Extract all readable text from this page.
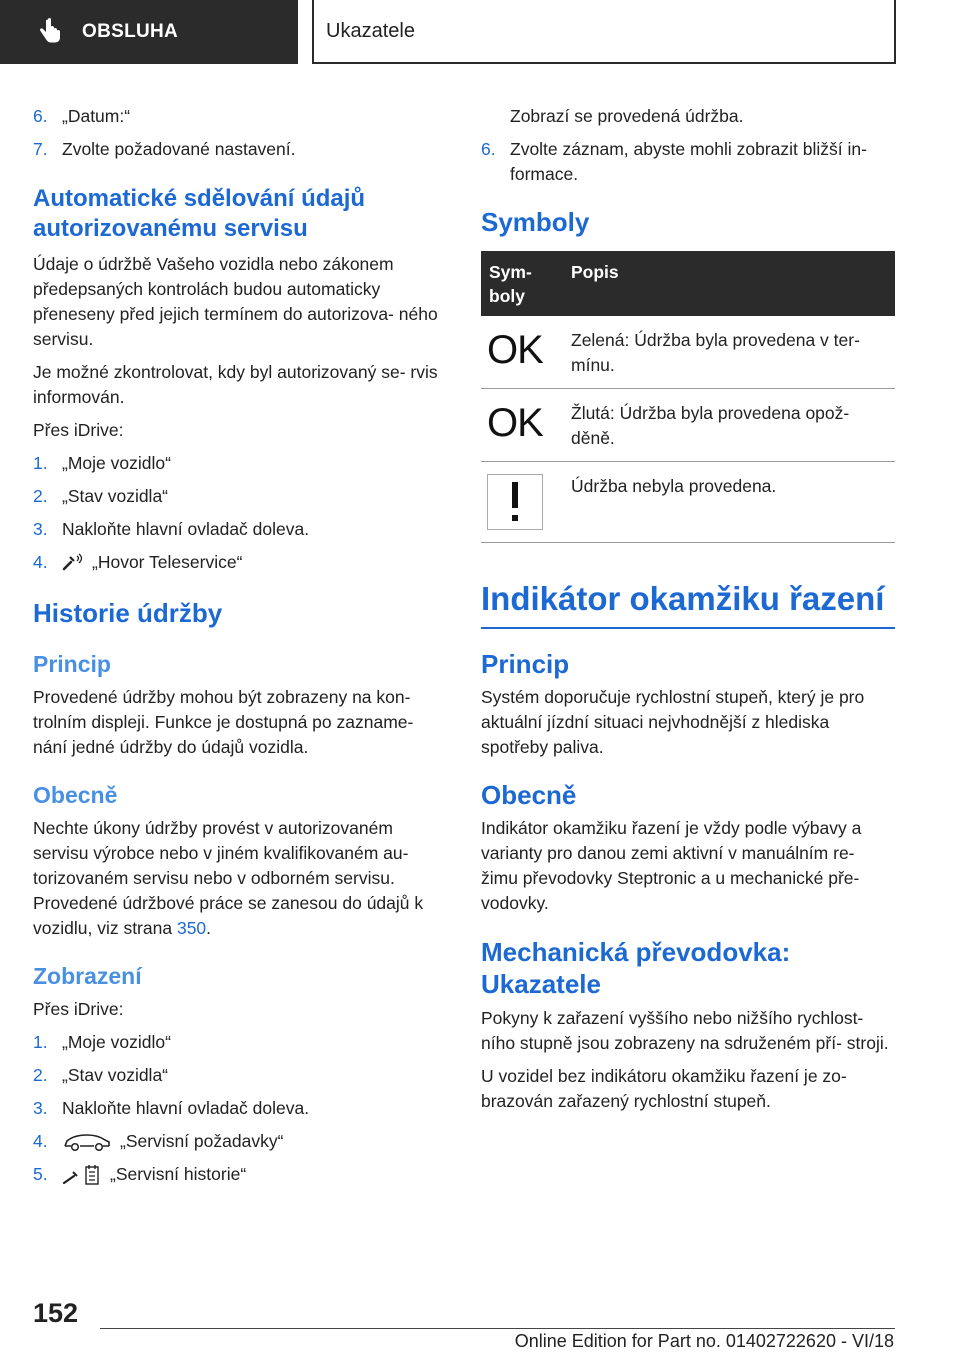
OBSLUHA	Ukazatele
6. „Datum:“
7. Zvolte požadované nastavení.
Automatické sdělování údajů autorizovanému servisu
Údaje o údržbě Vašeho vozidla nebo zákonem předepsaných kontrolách budou automaticky přeneseny před jejich termínem do autorizova- ného servisu.
Je možné zkontrolovat, kdy byl autorizovaný se- rvis informován.
Přes iDrive:
1. „Moje vozidlo“
2. „Stav vozidla“
3. Nakloňte hlavní ovladač doleva.
4.	„Hovor Teleservice“
Historie údržby
Princip
Provedené údržby mohou být zobrazeny na kon- trolním displeji. Funkce je dostupná po zazname- nání jedné údržby do údajů vozidla.
Obecně
Nechte úkony údržby provést v autorizovaném servisu výrobce nebo v jiném kvalifikovaném au- torizovaném servisu nebo v odborném servisu. Provedené údržbové práce se zanesou do údajů k vozidlu, viz strana 350.
Zobrazení
Přes iDrive:
1. „Moje vozidlo“
2. „Stav vozidla“
3. Nakloňte hlavní ovladač doleva.
4.	„Servisní požadavky“
5.	„Servisní historie“
Zobrazí se provedená údržba.
6. Zvolte záznam, abyste mohli zobrazit bližší in- formace.
Symboly
Sym- boly	Popis
OK	Zelená: Údržba byla provedena v ter- mínu.
OK	Žlutá: Údržba byla provedena opož- děně.

	Údržba nebyla provedena.
Indikátor okamžiku řazení
Princip
Systém doporučuje rychlostní stupeň, který je pro aktuální jízdní situaci nejvhodnější z hlediska spotřeby paliva.
Obecně
Indikátor okamžiku řazení je vždy podle výbavy a varianty pro danou zemi aktivní v manuálním re- žimu převodovky Steptronic a u mechanické pře- vodovky.
Mechanická převodovka: Ukazatele
Pokyny k zařazení vyššího nebo nižšího rychlost- ního stupně jsou zobrazeny na sdruženém pří- stroji.
U vozidel bez indikátoru okamžiku řazení je zo- brazován zařazený rychlostní stupeň.
152
Online Edition for Part no. 01402722620 - VI/18
